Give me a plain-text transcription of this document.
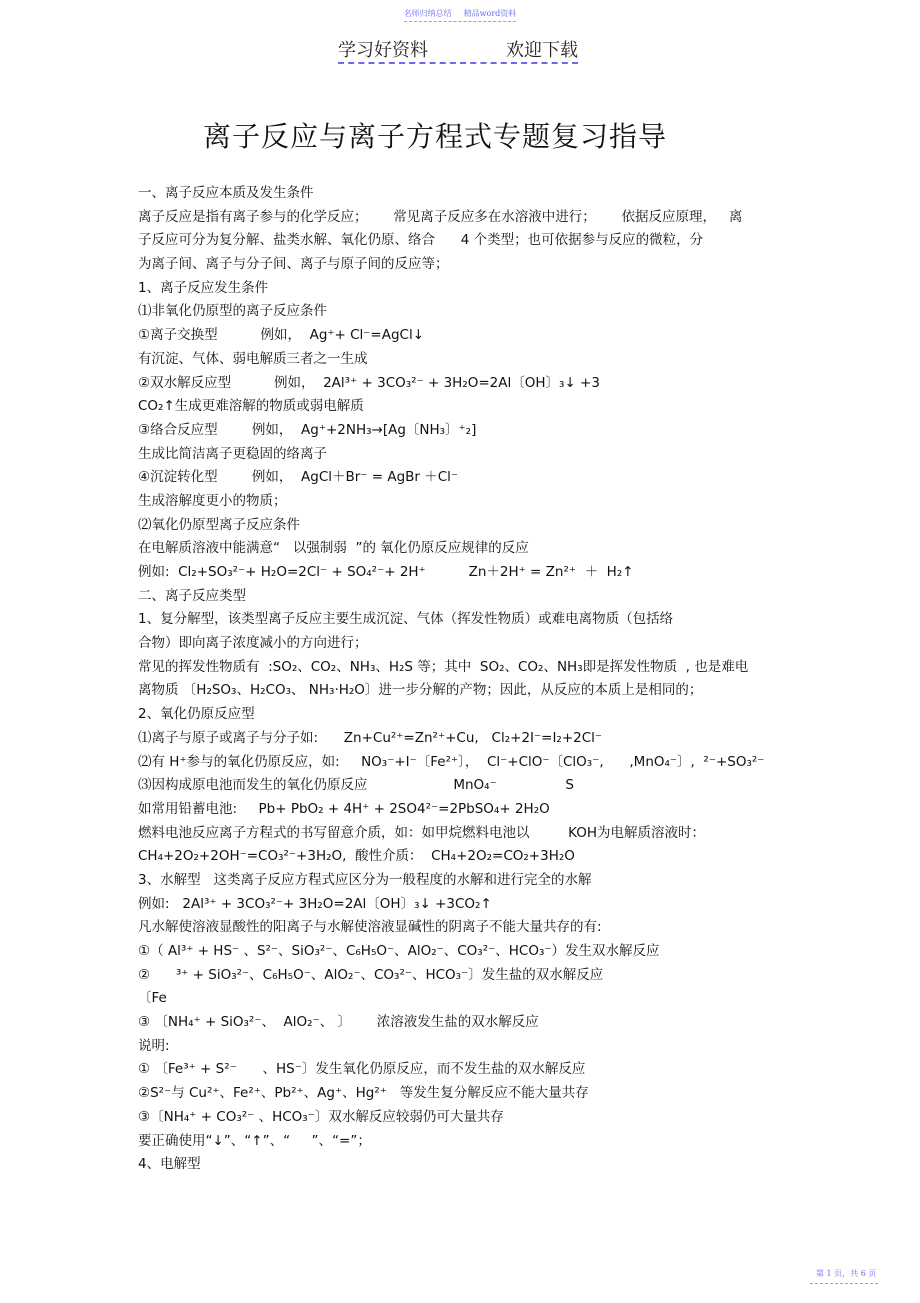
名师归纳总结 精品word资料
学习好资料	欢迎下载
离子反应与离子方程式专题复习指导
一、离子反应本质及发生条件
离子反应是指有离子参与的化学反应；      常见离子反应多在水溶液中进行；      依据反应原理，   离
子反应可分为复分解、盐类水解、氧化仍原、络合      4 个类型；也可依据参与反应的微粒，分
为离子间、离子与分子间、离子与原子间的反应等；
1、离子反应发生条件
⑴非氧化仍原型的离子反应条件
①离子交换型          例如，  Ag⁺+ Cl⁻=AgCl↓
有沉淀、气体、弱电解质三者之一生成
②双水解反应型          例如，  2Al³⁺ + 3CO₃²⁻ + 3H₂O=2Al〔OH〕₃↓ +3
CO₂↑生成更难溶解的物质或弱电解质
③络合反应型        例如，  Ag⁺+2NH₃→[Ag〔NH₃〕⁺₂]
生成比简洁离子更稳固的络离子
④沉淀转化型        例如，  AgCl＋Br⁻ = AgBr ＋Cl⁻
生成溶解度更小的物质；
⑵氧化仍原型离子反应条件
在电解质溶液中能满意“   以强制弱  ”的 氧化仍原反应规律的反应
例如:  Cl₂+SO₃²⁻+ H₂O=2Cl⁻ + SO₄²⁻+ 2H⁺          Zn＋2H⁺ = Zn²⁺  ＋  H₂↑
二、离子反应类型
1、复分解型，该类型离子反应主要生成沉淀、气体（挥发性物质）或难电离物质（包括络
合物）即向离子浓度减小的方向进行；
常见的挥发性物质有  :SO₂、CO₂、NH₃、H₂S 等；其中  SO₂、CO₂、NH₃即是挥发性物质  , 也是难电
离物质 〔H₂SO₃、H₂CO₃、 NH₃·H₂O〕进一步分解的产物；因此，从反应的本质上是相同的；
2、氧化仍原反应型
⑴离子与原子或离子与分子如:      Zn+Cu²⁺=Zn²⁺+Cu,   Cl₂+2I⁻=I₂+2Cl⁻
⑵有 H⁺参与的氧化仍原反应，如:     NO₃⁻+I⁻〔Fe²⁺〕，  Cl⁻+ClO⁻〔ClO₃⁻,      ,MnO₄⁻〕,  ²⁻+SO₃²⁻
⑶因构成原电池而发生的氧化仍原反应                    MnO₄⁻                S
如常用铅蓄电池:     Pb+ PbO₂ + 4H⁺ + 2SO4²⁻=2PbSO₄+ 2H₂O
燃料电池反应离子方程式的书写留意介质，如：如甲烷燃料电池以         KOH为电解质溶液时：
CH₄+2O₂+2OH⁻=CO₃²⁻+3H₂O,  酸性介质：  CH₄+2O₂=CO₂+3H₂O
3、水解型   这类离子反应方程式应区分为一般程度的水解和进行完全的水解
例如:   2Al³⁺ + 3CO₃²⁻+ 3H₂O=2Al〔OH〕₃↓ +3CO₂↑
凡水解使溶液显酸性的阳离子与水解使溶液显碱性的阴离子不能大量共存的有:
①（ Al³⁺ + HS⁻ 、S²⁻、SiO₃²⁻、C₆H₅O⁻、AlO₂⁻、CO₃²⁻、HCO₃⁻）发生双水解反应
②      ³⁺ + SiO₃²⁻、C₆H₅O⁻、AlO₂⁻、CO₃²⁻、HCO₃⁻〕发生盐的双水解反应
〔Fe
③ 〔NH₄⁺ + SiO₃²⁻、  AlO₂⁻、 〕      浓溶液发生盐的双水解反应
说明:
① 〔Fe³⁺ + S²⁻      、HS⁻〕发生氧化仍原反应，而不发生盐的双水解反应
②S²⁻与 Cu²⁺、Fe²⁺、Pb²⁺、Ag⁺、Hg²⁺   等发生复分解反应不能大量共存
③〔NH₄⁺ + CO₃²⁻ 、HCO₃⁻〕双水解反应较弱仍可大量共存
要正确使用“↓”、“↑”、“     ”、“=”；
4、电解型
第 1 页，共 6 页
